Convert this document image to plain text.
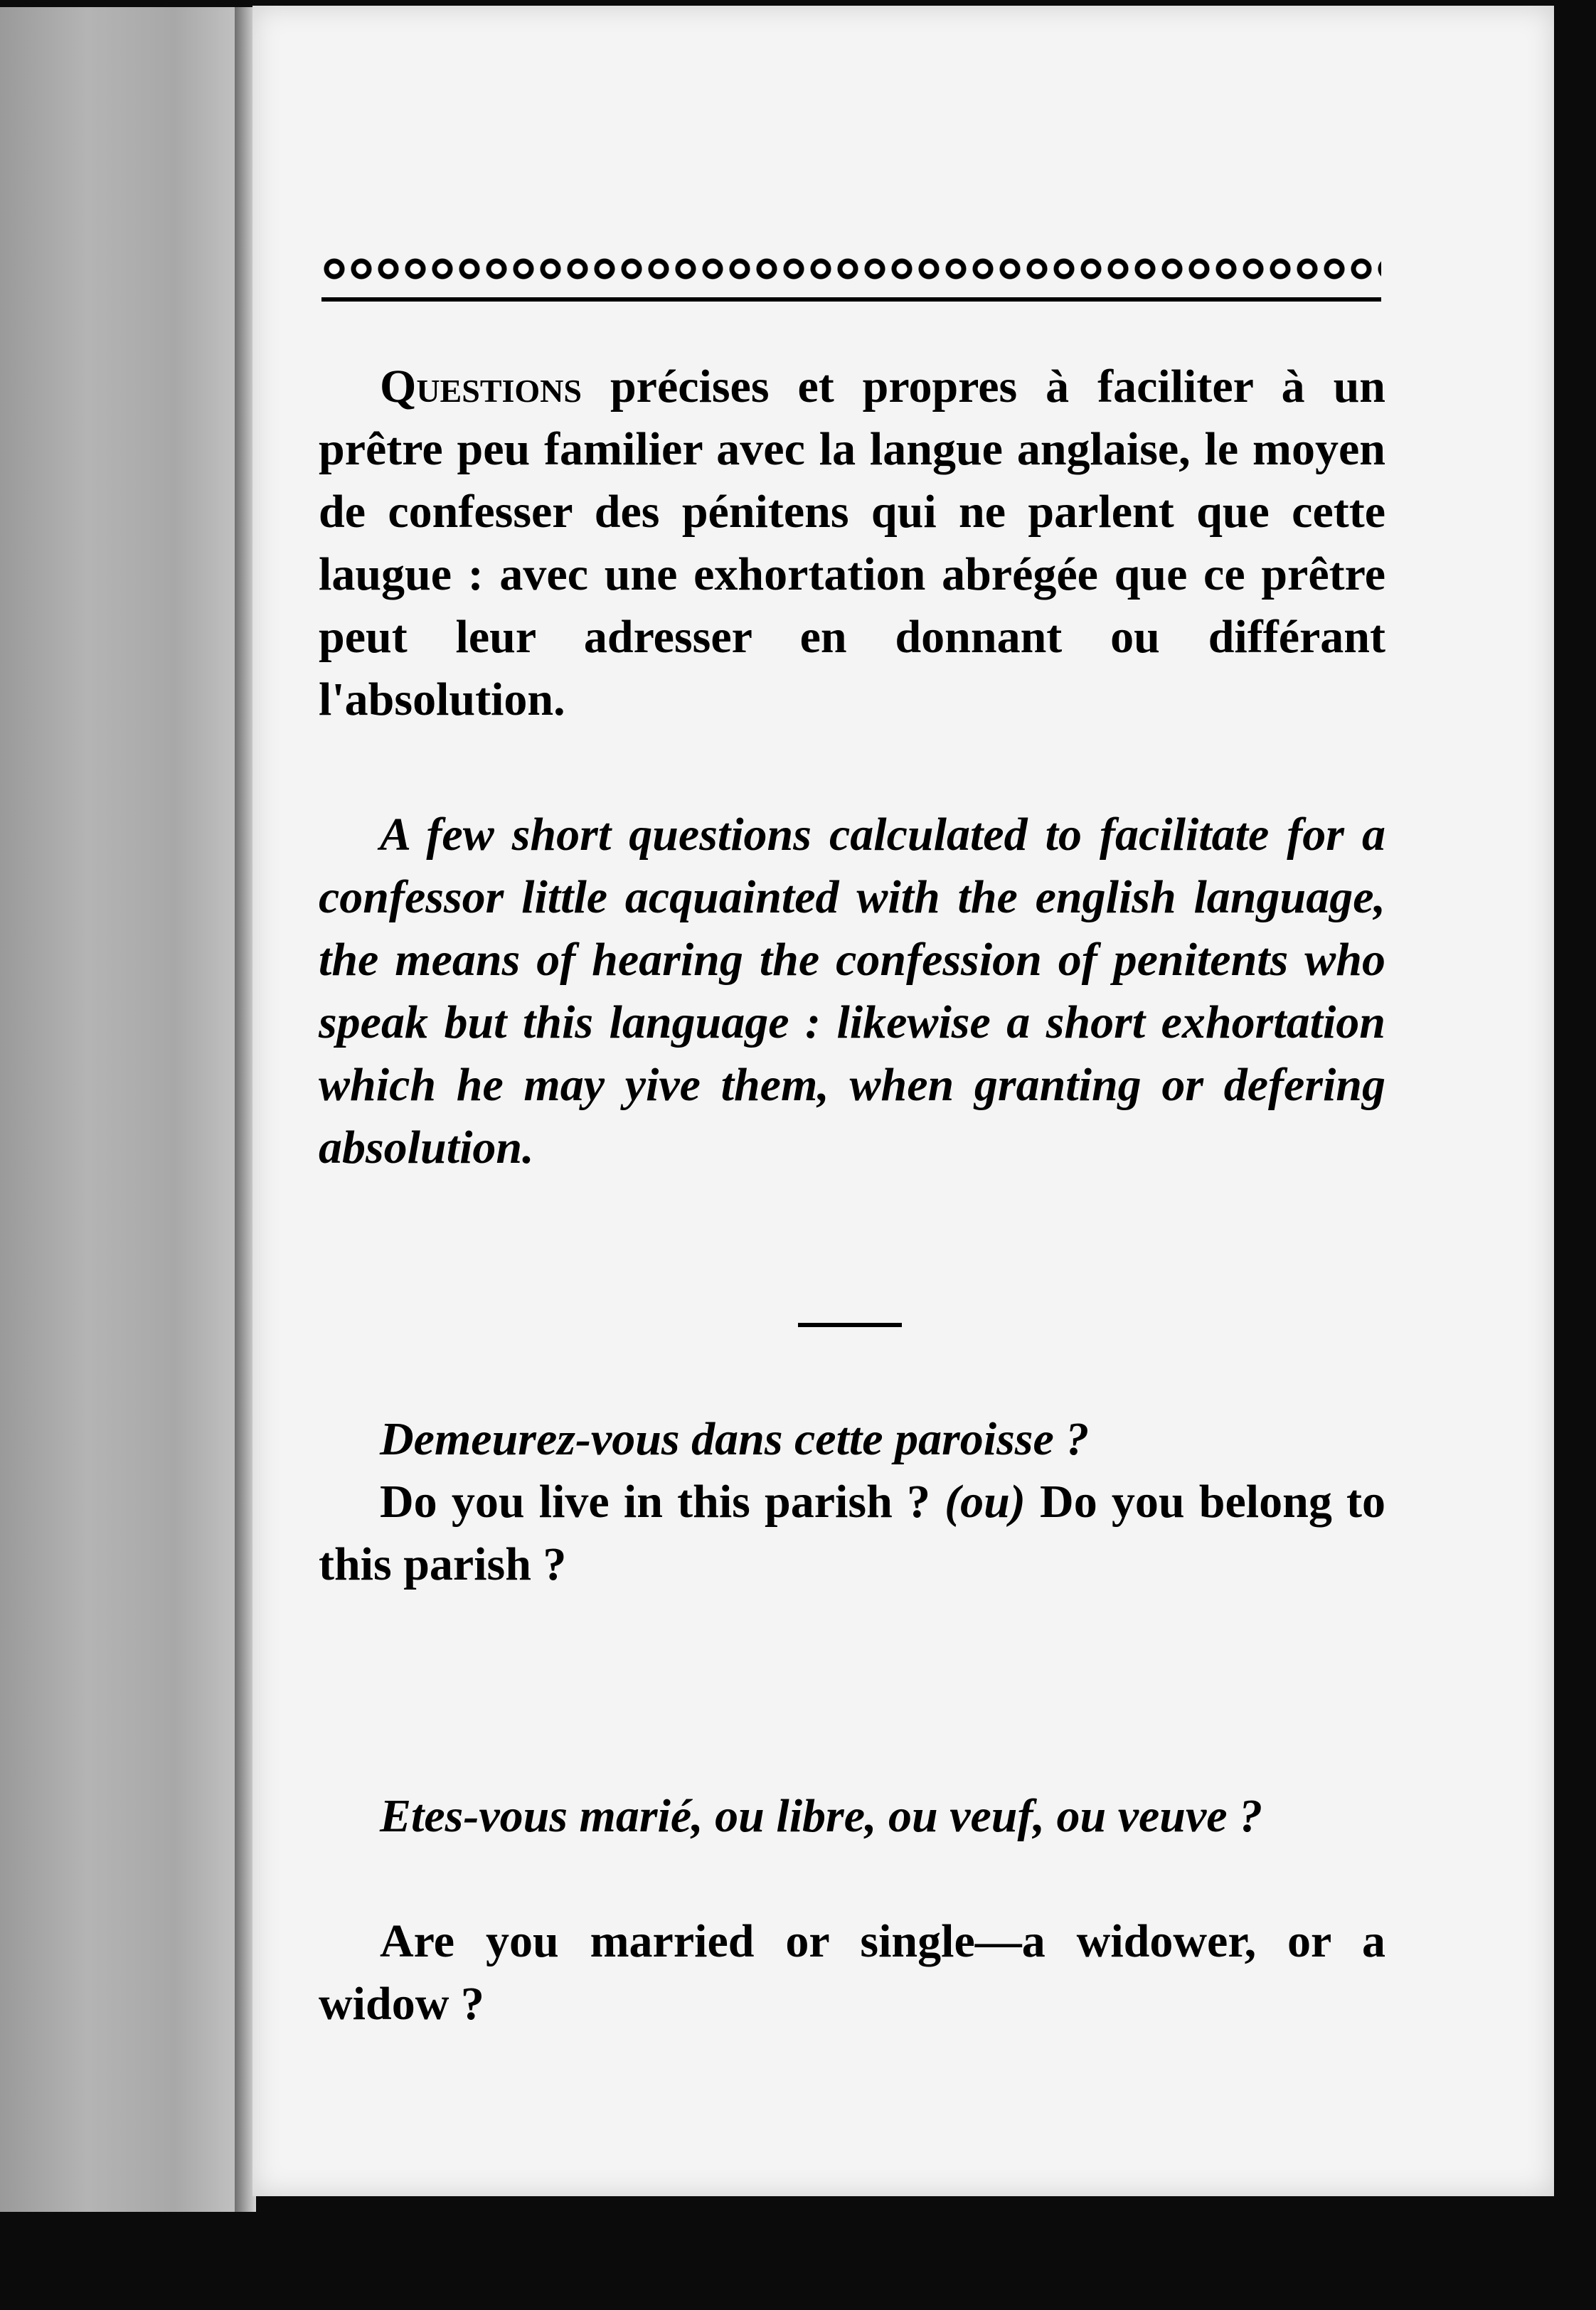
Questions précises et propres à faciliter à un prêtre peu familier avec la langue anglaise, le moyen de confesser des pénitens qui ne parlent que cette laugue : avec une exhortation abrégée que ce prêtre peut leur adresser en donnant ou différant l'absolution.

A few short questions calculated to facilitate for a confessor little acquainted with the english language, the means of hearing the confession of penitents who speak but this language : likewise a short exhortation which he may yive them, when granting or defering absolution.

Demeurez-vous dans cette paroisse ?

Do you live in this parish ? (ou) Do you belong to this parish ?

Etes-vous marié, ou libre, ou veuf, ou veuve ?

Are you married or single—a widower, or a widow ?
